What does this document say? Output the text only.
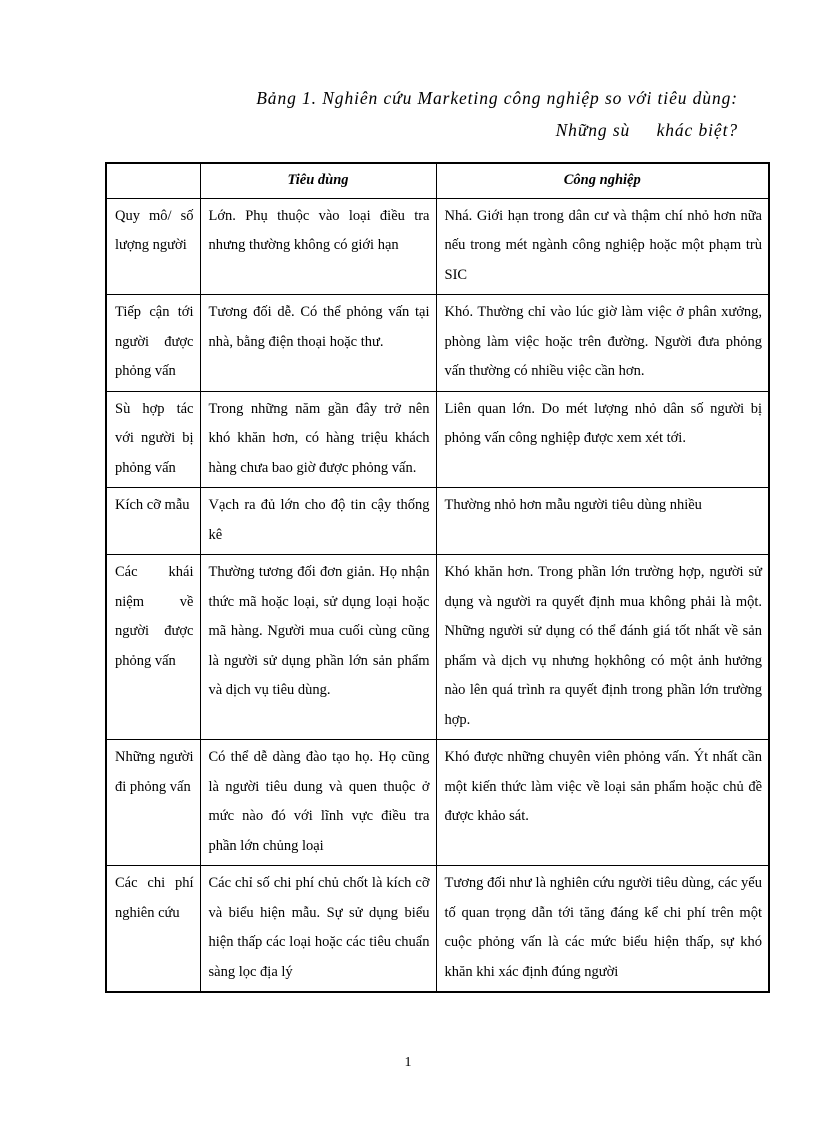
Bảng 1. Nghiên cứu Marketing công nghiệp so với tiêu dùng:
Những sù     khác biệt?
	Tiêu dùng	Công nghiệp
Quy mô/ số lượng người	Lớn. Phụ thuộc vào loại điều tra nhưng thường không có giới hạn	Nhá. Giới hạn trong dân cư và thậm chí nhỏ hơn nữa nếu trong mét ngành công nghiệp hoặc một phạm trù SIC
Tiếp cận tới người được phỏng vấn	Tương đối dễ. Có thể phỏng vấn tại nhà, bằng điện thoại hoặc thư.	Khó. Thường chỉ vào lúc giờ làm việc ở phân xưởng, phòng làm việc hoặc trên đường. Người đưa phỏng vấn thường có nhiều việc cần hơn.
Sù hợp tác với người bị phỏng vấn	Trong những năm gần đây trở nên khó khăn hơn, có hàng triệu khách hàng chưa bao giờ được phỏng vấn.	Liên quan lớn. Do mét lượng nhỏ dân số người bị phỏng vấn công nghiệp được xem xét tới.
Kích cỡ mẫu	Vạch ra đủ lớn cho độ tin cậy thống kê	Thường nhỏ hơn mẫu người tiêu dùng nhiều
Các khái niệm về người được phỏng vấn	Thường tương đối đơn giản. Họ nhận thức mã hoặc loại, sử dụng loại hoặc mã hàng. Người mua cuối cùng cũng là người sử dụng phần lớn sản phẩm và dịch vụ tiêu dùng.	Khó khăn hơn. Trong phần lớn trường hợp, người sử dụng và người ra quyết định mua không phải là một. Những người sử dụng có thể đánh giá tốt nhất về sản phẩm và dịch vụ nhưng họkhông có một ảnh hưởng nào lên quá trình ra quyết định trong phần lớn trường hợp.
Những người đi phỏng vấn	Có thể dễ dàng đào tạo họ. Họ cũng là người tiêu dung và quen thuộc ở mức nào đó với lĩnh vực điều tra phần lớn chủng loại	Khó được những chuyên viên phỏng vấn. Ýt nhất cần một kiến thức làm việc về loại sản phẩm hoặc chủ đề được khảo sát.
Các chi phí nghiên cứu	Các chỉ số chi phí chủ chốt là kích cỡ và biểu hiện mẫu. Sự sử dụng biểu hiện thấp các loại hoặc các tiêu chuẩn sàng lọc địa lý	Tương đối như là nghiên cứu người tiêu dùng, các yếu tố quan trọng dẫn tới tăng đáng kể chi phí trên một cuộc phỏng vấn là các mức biểu hiện thấp, sự khó khăn khi xác định đúng người
1
